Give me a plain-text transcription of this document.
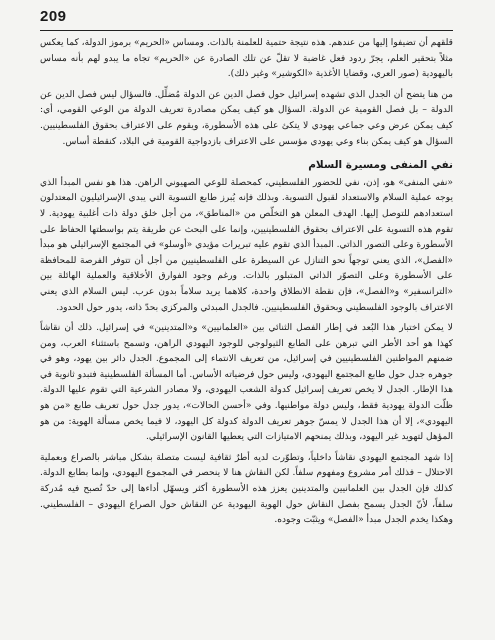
209

قلقهم أن تضيفوا إليها من عندهم. هذه نتيجة حتمية للعلمنة بالذات. ومساس «الحريم» برموز الدولة، كما يعكس مثلاً بتحقير العلم، يجرّ ردود فعل غاضبة لا تقلّ عن تلك الصادرة عن «الحريم» تجاه ما يبدو لهم بأنه مساس باليهودية (صور العري، وقضايا الأغذية «الكوشير» وغير ذلك).

من هنا يتضح أن الجدل الذي تشهده إسرائيل حول فصل الدين عن الدولة مُضلِّل. فالسؤال ليس فصل الدين عن الدولة – بل فصل القومية عن الدولة. السؤال هو كيف يمكن مصادرة تعريف الدولة من الوعي القومي، أي: كيف يمكن عرض وعي جماعي يهودي لا يتكئ على هذه الأسطورة، ويقوم على الاعتراف بحقوق الفلسطينيين. السؤال هو كيف يمكن بناء وعي يهودي مؤسس على الاعتراف بازدواجية القومية في البلاد، كنقطة أساس.

نفي المنفى ومسيرة السلام

«نفي المنفى» هو، إذن، نفي للحضور الفلسطيني، كمحصلة للوعي الصهيوني الراهن. هذا هو نفس المبدأ الذي يوجه عملية السلام والاستعداد لقبول التسوية. وبذلك فإنه يُبرز طابع التسوية التي يبدي الإسرائيليون المعتدلون استعدادهم للتوصل إليها. الهدف المعلن هو التخلّص من «المناطق»، من أجل خلق دولة ذات أغلبية يهودية. لا تقوم هذه التسوية على الاعتراف بحقوق الفلسطينيين، وإنما على البحث عن طريقة يتم بواسطتها الحفاظ على الأسطورة وعلى التصور الذاتي. المبدأ الذي تقوم عليه تبريرات مؤيدي «أوسلو» في المجتمع الإسرائيلي هو مبدأ «الفصل»، الذي يعني توجهاً نحو التنازل عن السيطرة على الفلسطينيين من أجل أن تتوفر الفرصة للمحافظة على الأسطورة وعلى التصوّر الذاتي المتبلور بالذات. ورغم وجود الفوارق الأخلاقية والعملية الهائلة بين «الترانسفير» و«الفصل»، فإن نقطة الانطلاق واحدة، كلاهما يريد سلاماً بدون عرب. ليس السلام الذي يعني الاعتراف بالوجود الفلسطيني وبحقوق الفلسطينيين. فالجدل المبدئي والمركزي بحدّ ذاته، يدور حول الحدود.

لا يمكن اختبار هذا البُعد في إطار الفصل الثنائي بين «العلمانيين» و«المتدينين» في إسرائيل. ذلك أن نقاشاً كهذا هو أحد الأطر التي تبرهن على الطابع الثيولوجي للوجود اليهودي الراهن، وتسمح باستثناء العرب، ومن ضمنهم المواطنين الفلسطينيين في إسرائيل، من تعريف الانتماء إلى المجموع. الجدل دائر بين يهود، وهو في جوهره جدل حول طابع المجتمع اليهودي، وليس حول فرضياته الأساس. أما المسألة الفلسطينية فتبدو ثانوية في هذا الإطار. الجدل لا يخص تعريف إسرائيل كدولة الشعب اليهودي، ولا مصادر الشرعية التي تقوم عليها الدولة. ظلّت الدولة يهودية فقط، وليس دولة مواطنيها. وفي «أحسن الحالات»، يدور جدل حول تعريف طابع «من هو اليهودي»، إلا أن هذا الجدل لا يمسّ جوهر تعريف الدولة كدولة كل اليهود، لا فيما يخص مسألة الهوية: من هو المؤهل لتهويد غير اليهود، وبذلك يمنحهم الامتيازات التي يعطيها القانون الإسرائيلي.

إذا شهد المجتمع اليهودي نقاشاً داخلياً، وتطوّرت لديه أطرٌ ثقافية ليست متصلة بشكل مباشر بالصراع وبعملية الاحتلال – فذلك أمر مشروع ومفهوم سلفاً. لكن النقاش هنا لا ينحصر في المجموع اليهودي، وإنما بطابع الدولة. كذلك فإن الجدل بين العلمانيين والمتدينين يعزز هذه الأسطورة أكثر ويسهّل أداءها إلى حدّ تُصبح فيه مُدركة سلفاً، لأنّ الجدل يسمح بفصل النقاش حول الهوية اليهودية عن النقاش حول الصراع اليهودي – الفلسطيني. وهكذا يخدم الجدل مبدأ «الفصل» ويثبّت وجوده.
